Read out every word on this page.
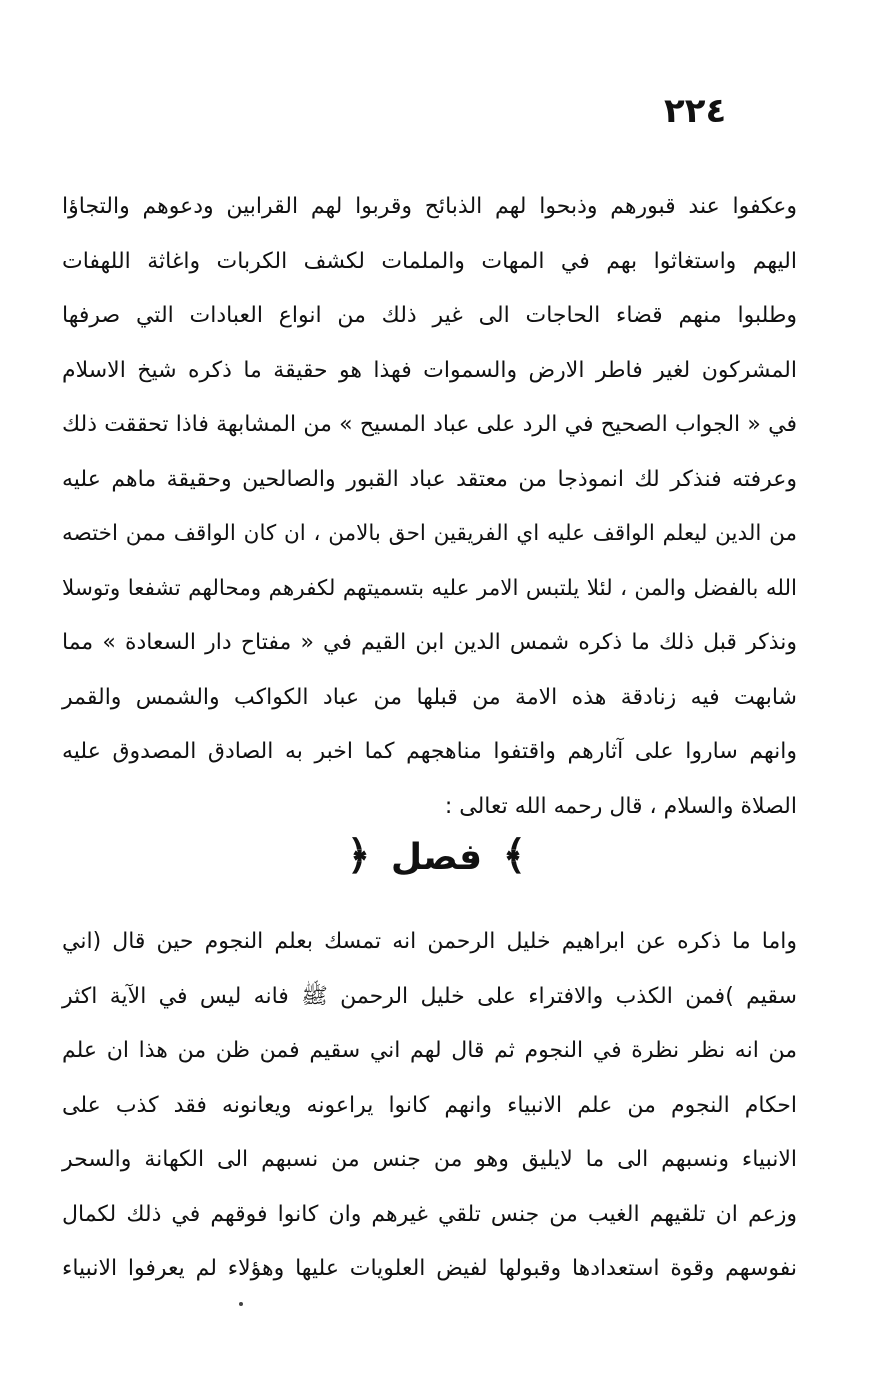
٢٢٤
وعكفوا عند قبورهم وذبحوا لهم الذبائح وقربوا لهم القرابين ودعوهم والتجاؤا
اليهم واستغاثوا بهم في المهات والملمات لكشف الكربات واغاثة اللهفات
وطلبوا منهم قضاء الحاجات الى غير ذلك من انواع العبادات التي صرفها
المشركون لغير فاطر الارض والسموات فهذا هو حقيقة ما ذكره شيخ الاسلام
في « الجواب الصحيح في الرد على عباد المسيح » من المشابهة فاذا تحققت ذلك
وعرفته فنذكر لك انموذجا من معتقد عباد القبور والصالحين وحقيقة ماهم عليه
من الدين ليعلم الواقف عليه اي الفريقين احق بالامن ، ان كان الواقف ممن اختصه
الله بالفضل والمن ، لئلا يلتبس الامر عليه بتسميتهم لكفرهم ومحالهم تشفعا وتوسلا
ونذكر قبل ذلك ما ذكره شمس الدين ابن القيم في « مفتاح دار السعادة » مما
شابهت فيه زنادقة هذه الامة من قبلها من عباد الكواكب والشمس والقمر
وانهم ساروا على آثارهم واقتفوا مناهجهم كما اخبر به الصادق المصدوق عليه
الصلاة والسلام ، قال رحمه الله تعالى :
﴾ فصل ﴿
واما ما ذكره عن ابراهيم خليل الرحمن انه تمسك بعلم النجوم حين قال (اني
سقيم )فمن الكذب والافتراء على خليل الرحمن ﷺ فانه ليس في الآية اكثر
من انه نظر نظرة في النجوم ثم قال لهم اني سقيم فمن ظن من هذا ان علم
احكام النجوم من علم الانبياء وانهم كانوا يراعونه ويعانونه فقد كذب على
الانبياء ونسبهم الى ما لايليق وهو من جنس من نسبهم الى الكهانة والسحر
وزعم ان تلقيهم الغيب من جنس تلقي غيرهم وان كانوا فوقهم في ذلك لكمال
نفوسهم وقوة استعدادها وقبولها لفيض العلويات عليها وهؤلاء لم يعرفوا الانبياء
